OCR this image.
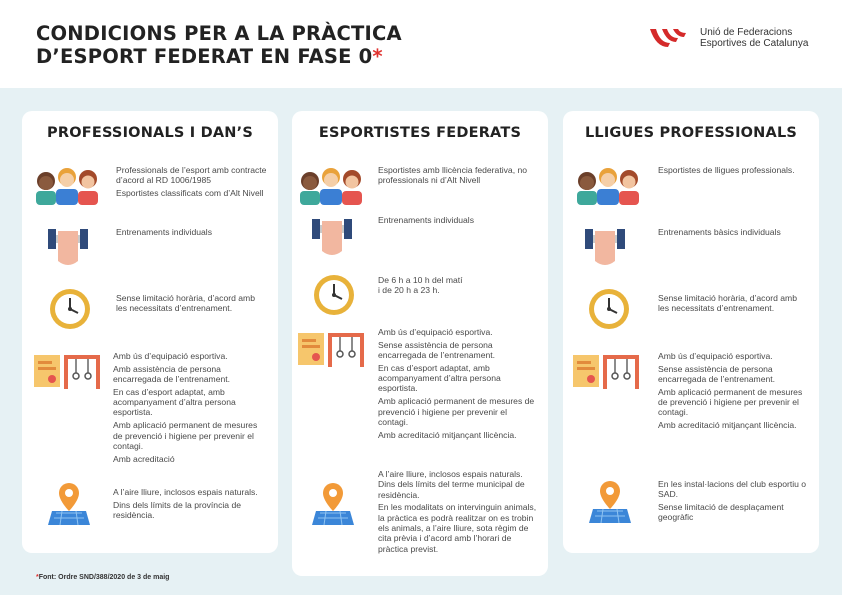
CONDICIONS PER A LA PRÀCTICA
D’ESPORT FEDERAT EN FASE 0*
Unió de Federacions
Esportives de Catalunya
PROFESSIONALS I DAN’S

Professionals de l’esport amb contracte d’acord al RD 1006/1985

Esportistes classificats com d’Alt Nivell

Entrenaments individuals

Sense limitació horària, d’acord amb les necessitats d’entrenament.

Amb ús d’equipació esportiva.

Amb assistència de persona encarregada de l’entrenament.

En cas d’esport adaptat, amb acompanyament d’altra persona esportista.

Amb aplicació permanent de mesures de prevenció i higiene per prevenir el contagi.

Amb acreditació

A l’aire lliure, inclosos espais naturals.

Dins dels límits de la província de residència.

ESPORTISTES FEDERATS

Esportistes amb llicència federativa, no professionals ni d’Alt Nivell

Entrenaments individuals

De 6 h a 10 h del matí

i de 20 h a 23 h.

Amb ús d’equipació esportiva.

Sense assistència de persona encarregada de l’entrenament.

En cas d’esport adaptat, amb acompanyament d’altra persona esportista.

Amb aplicació permanent de mesures de prevenció i higiene per prevenir el contagi.

Amb acreditació mitjançant llicència.

A l’aire lliure, inclosos espais naturals. Dins dels límits del terme municipal de residència.

En les modalitats on intervinguin animals, la pràctica es podrà realitzar on es trobin els animals, a l’aire lliure, sota règim de cita prèvia i d’acord amb l’horari de pràctica previst.

LLIGUES PROFESSIONALS

Esportistes de lligues professionals.

Entrenaments bàsics individuals

Sense limitació horària, d’acord amb les necessitats d’entrenament.

Amb ús d’equipació esportiva.

Sense assistència de persona encarregada de l’entrenament.

Amb aplicació permanent de mesures de prevenció i higiene per prevenir el contagi.

Amb acreditació mitjançant llicència.

En les instal·lacions del club esportiu o SAD.

Sense limitació de desplaçament geogràfic

*Font: Ordre SND/388/2020 de 3 de maig
